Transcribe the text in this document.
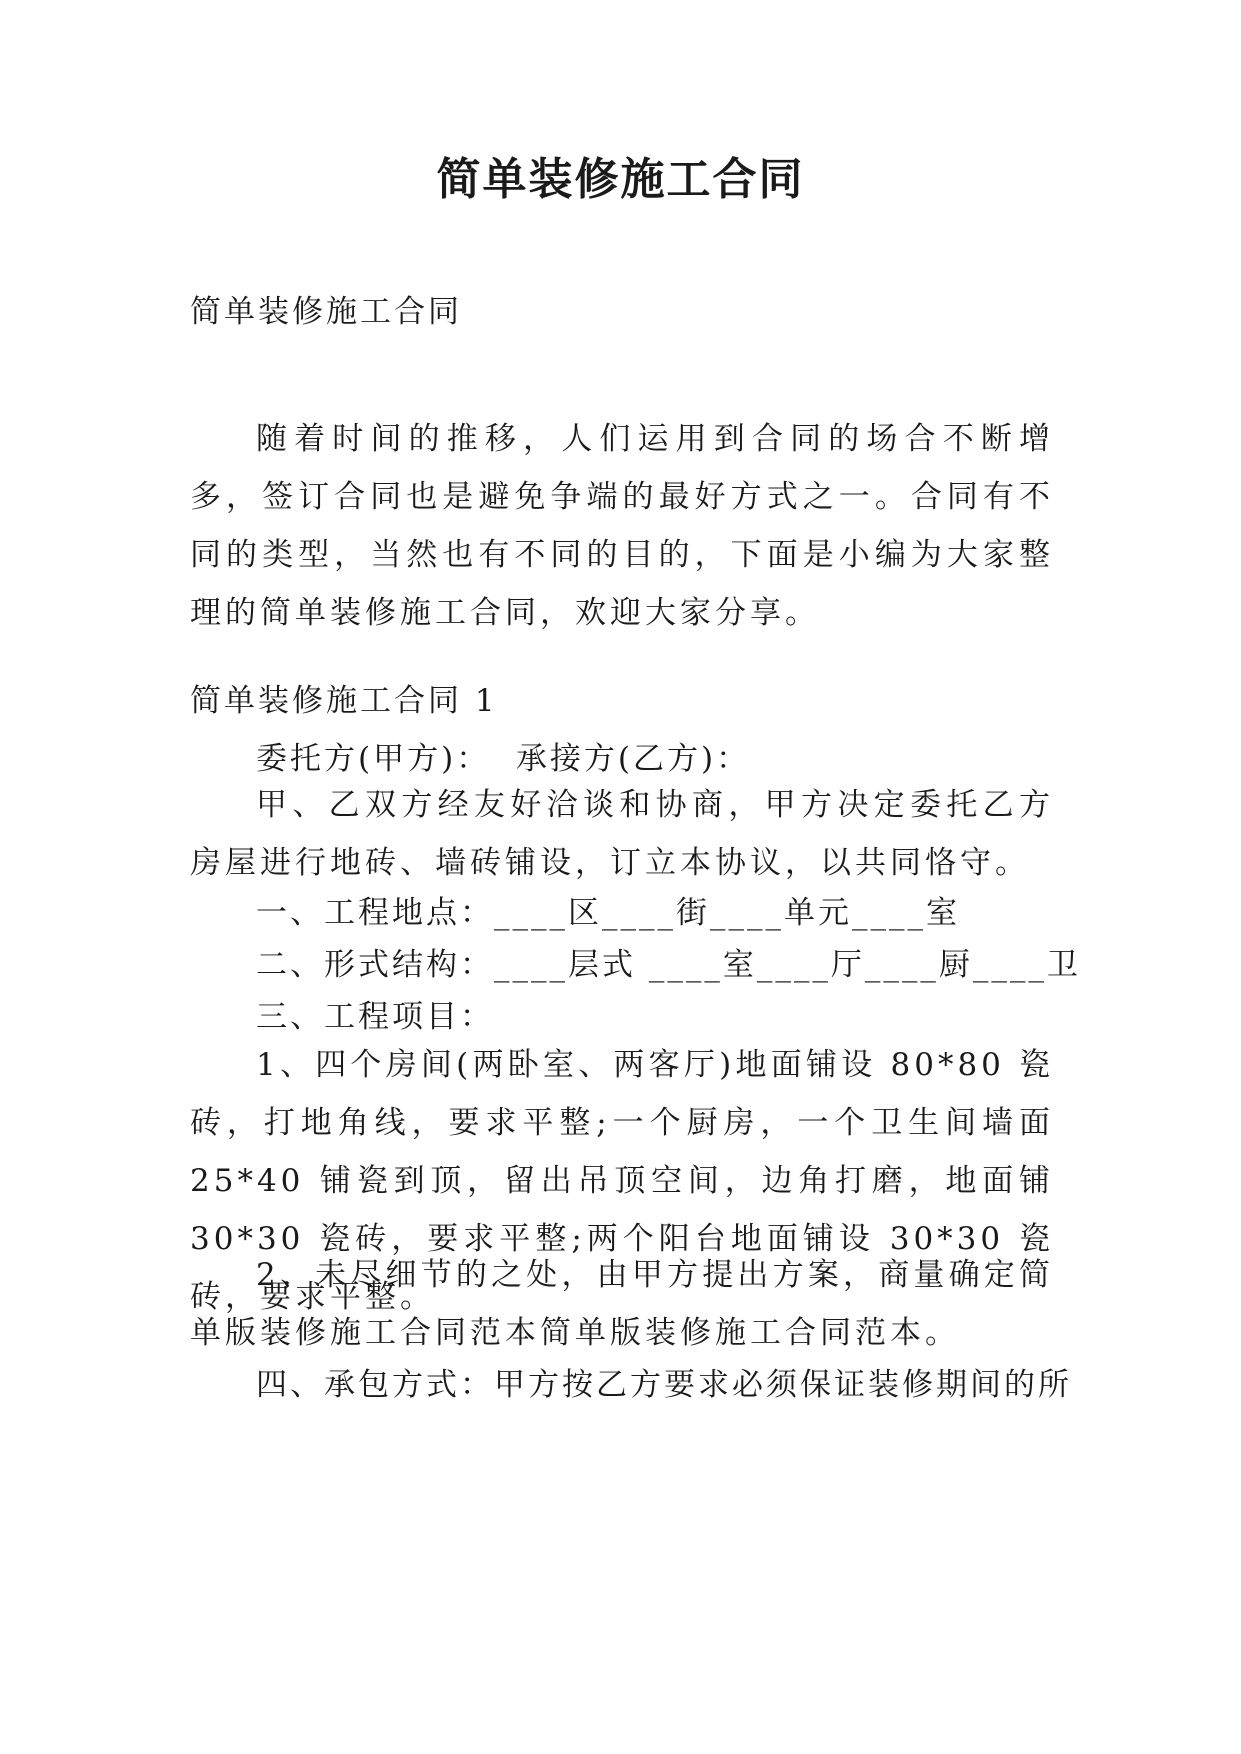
简单装修施工合同
简单装修施工合同

随着时间的推移，人们运用到合同的场合不断增多，签订合同也是避免争端的最好方式之一。合同有不同的类型，当然也有不同的目的，下面是小编为大家整理的简单装修施工合同，欢迎大家分享。

简单装修施工合同 1
委托方(甲方)：  承接方(乙方)：

甲、乙双方经友好洽谈和协商，甲方决定委托乙方房屋进行地砖、墙砖铺设，订立本协议，以共同恪守。

一、工程地点：____区____街____单元____室
二、形式结构：____层式 ____室____厅____厨____卫
三、工程项目：

1、四个房间(两卧室、两客厅)地面铺设 80*80 瓷砖，打地角线，要求平整;一个厨房，一个卫生间墙面 25*40 铺瓷到顶，留出吊顶空间，边角打磨，地面铺 30*30 瓷砖，要求平整;两个阳台地面铺设 30*30 瓷砖，要求平整。

2、未尽细节的之处，由甲方提出方案，商量确定简单版装修施工合同范本简单版装修施工合同范本。

四、承包方式：甲方按乙方要求必须保证装修期间的所
